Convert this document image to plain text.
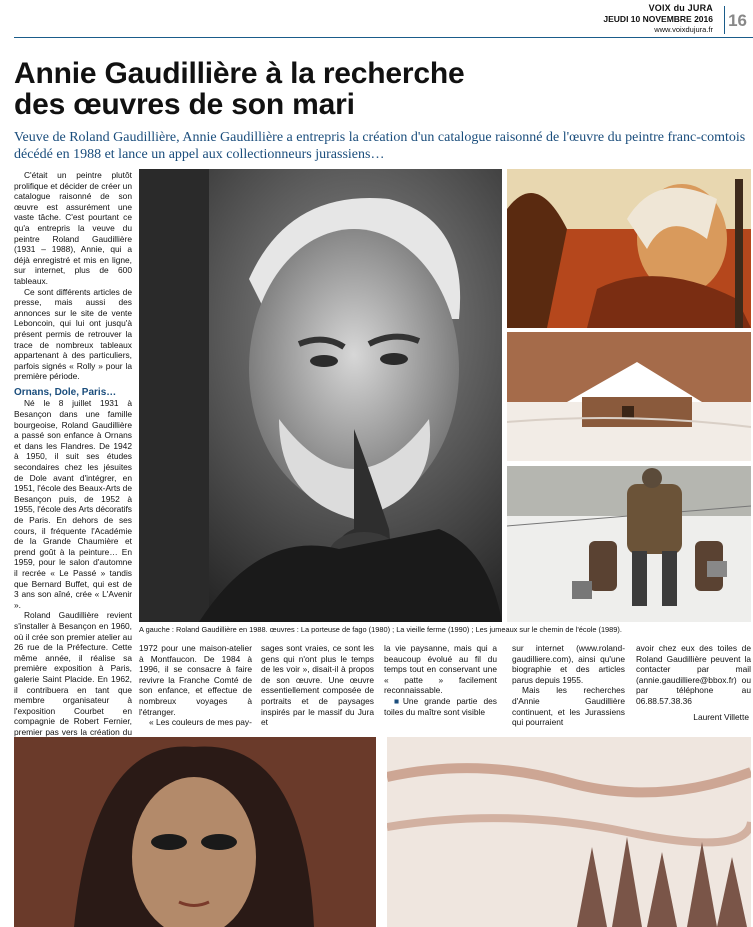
VOIX du JURA
JEUDI 10 NOVEMBRE 2016
www.voixdujura.fr 16
Annie Gaudillière à la recherche
des œuvres de son mari

Veuve de Roland Gaudillière, Annie Gaudillière a entrepris la création d'un catalogue raisonné de l'œuvre du peintre franc-comtois décédé en 1988 et lance un appel aux collectionneurs jurassiens…

C'était un peintre plutôt prolifique et décider de créer un catalogue raisonné de son œuvre est assurément une vaste tâche. C'est pourtant ce qu'a entrepris la veuve du peintre Roland Gaudillière (1931 – 1988), Annie, qui a déjà enregistré et mis en ligne, sur internet, plus de 600 tableaux.

Ce sont différents articles de presse, mais aussi des annonces sur le site de vente Leboncoin, qui lui ont jusqu'à présent permis de retrouver la trace de nombreux tableaux appartenant à des particuliers, parfois signés « Rolly » pour la première période.

Ornans, Dole, Paris…

Né le 8 juillet 1931 à Besançon dans une famille bourgeoise, Roland Gaudillière a passé son enfance à Ornans et dans les Flandres. De 1942 à 1950, il suit ses études secondaires chez les jésuites de Dole avant d'intégrer, en 1951, l'école des Beaux-Arts de Besançon puis, de 1952 à 1955, l'école des Arts décoratifs de Paris. En dehors de ses cours, il fréquente l'Académie de la Grande Chaumière et prend goût à la peinture… En 1959, pour le salon d'automne il recrée « Le Passé » tandis que Bernard Buffet, qui est de 3 ans son aîné, crée « L'Avenir ».

Roland Gaudillière revient s'installer à Besançon en 1960, où il crée son premier atelier au 26 rue de la Préfecture. Cette même année, il réalise sa première exposition à Paris, galerie Saint Placide. En 1962, il contribuera en tant que membre organisateur à l'exposition Courbet en compagnie de Robert Fernier, premier pas vers la création du

A gauche : Roland Gaudillière en 1988. œuvres : La porteuse de fago (1980) ; La vieille ferme (1990) ; Les jumeaux sur le chemin de l'école (1989).

1972 pour une maison-atelier à Montfaucon. De 1984 à 1996, il se consacre à faire revivre la Franche Comté de son enfance, et effectue de nombreux voyages à l'étranger.

« Les couleurs de mes pay-

sages sont vraies, ce sont les gens qui n'ont plus le temps de les voir », disait-il à propos de son œuvre. Une œuvre essentiellement composée de portraits et de paysages inspirés par le massif du Jura et

la vie paysanne, mais qui a beaucoup évolué au fil du temps tout en conservant une « patte » facilement reconnaissable.

■Une grande partie des toiles du maître sont visible

sur internet (www.roland-gaudilliere.com), ainsi qu'une biographie et des articles parus depuis 1955.

Mais les recherches d'Annie Gaudillière continuent, et les Jurassiens qui pourraient

avoir chez eux des toiles de Roland Gaudillière peuvent la contacter par mail (annie.gaudilliere@bbox.fr) ou par téléphone au 06.88.57.38.36

Laurent Villette
